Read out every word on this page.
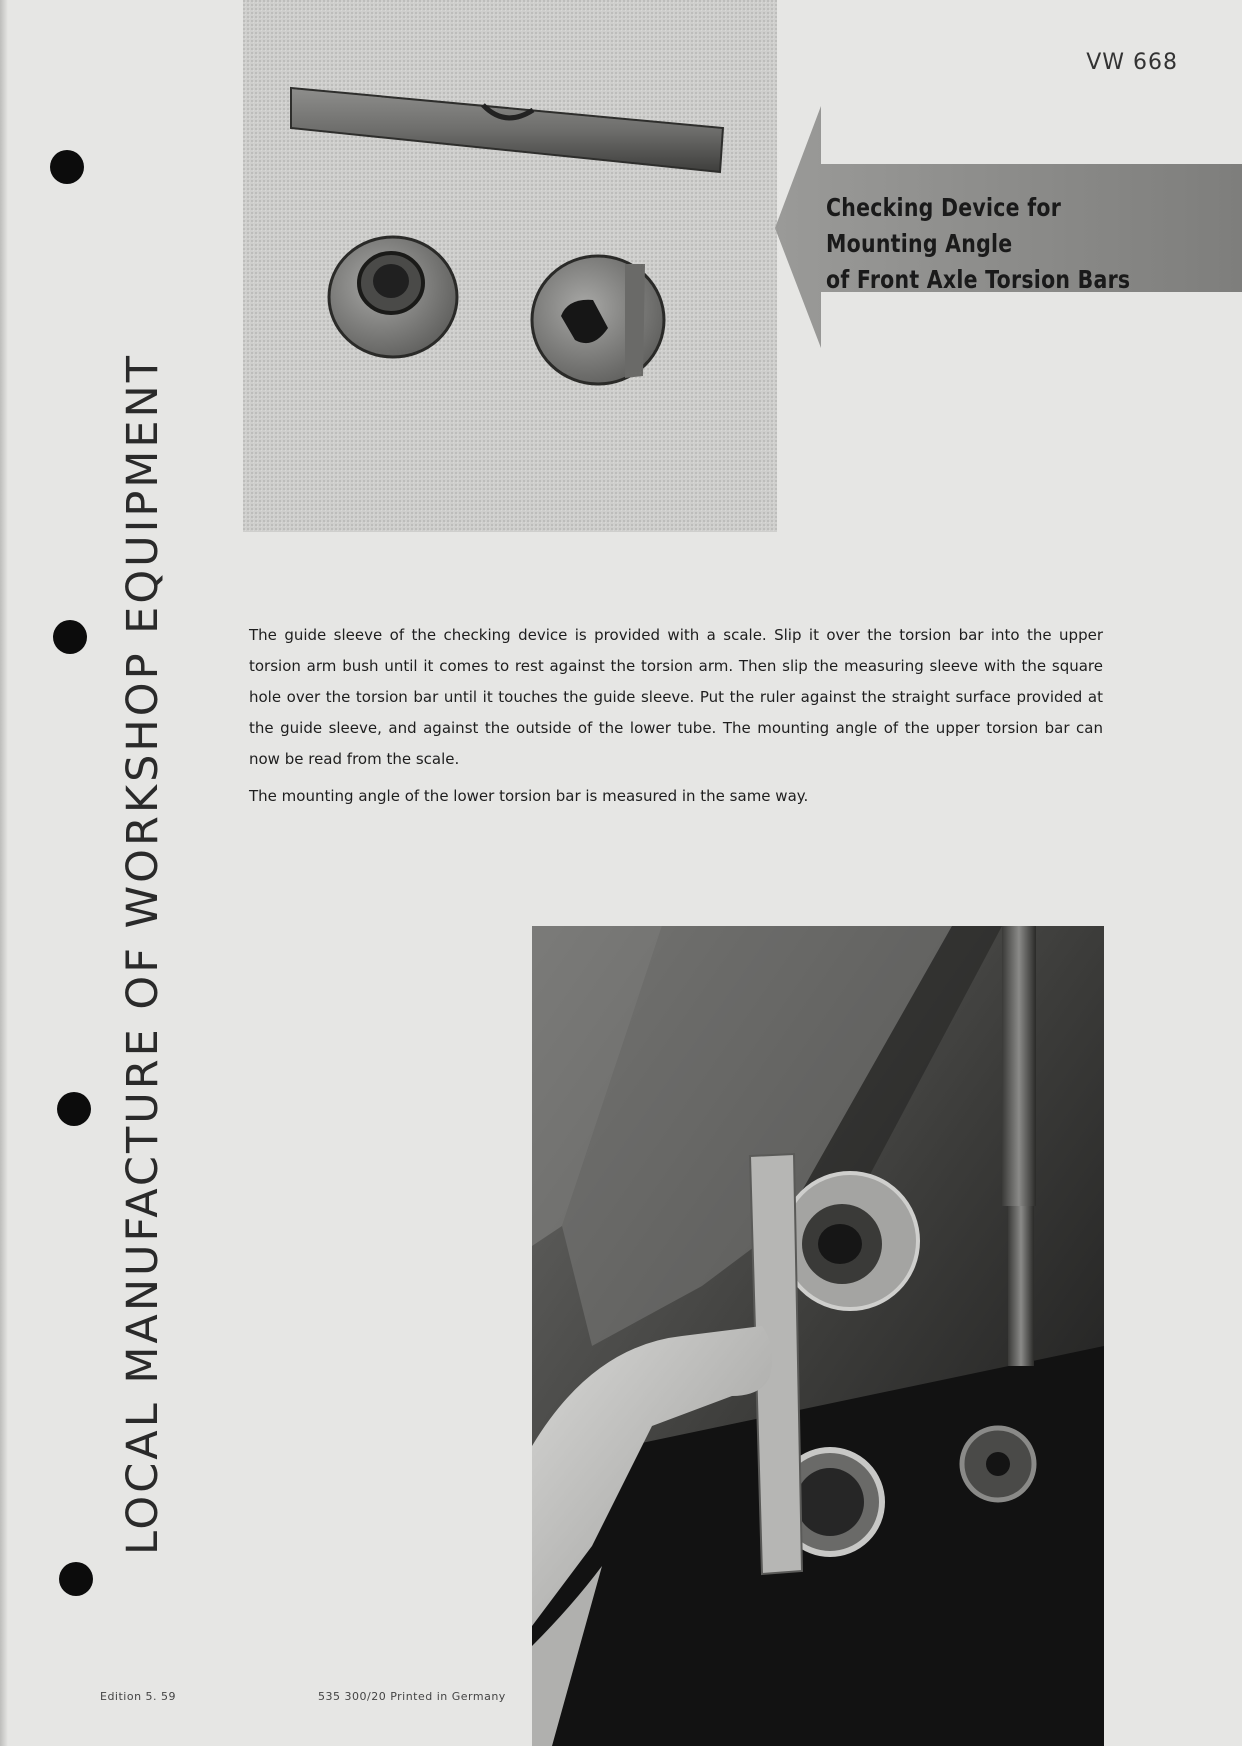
LOCAL MANUFACTURE OF WORKSHOP EQUIPMENT
VW 668
Checking Device for Mounting Angle
of Front Axle Torsion Bars

The guide sleeve of the checking device is provided with a scale. Slip it over the torsion bar into the upper torsion arm bush until it comes to rest against the torsion arm. Then slip the measuring sleeve with the square hole over the torsion bar until it touches the guide sleeve. Put the ruler against the straight surface provided at the guide sleeve, and against the outside of the lower tube. The mounting angle of the upper torsion bar can now be read from the scale.

The mounting angle of the lower torsion bar is measured in the same way.

Edition 5. 59	535 300/20 Printed in Germany
